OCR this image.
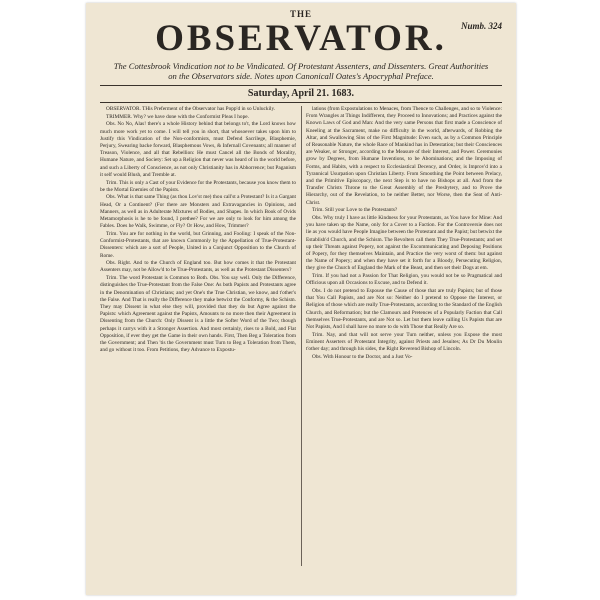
THE
OBSERVATOR.	Numb. 324
The Cottesbrook Vindication not to be Vindicated. Of Protestant Assenters, and Dissenters. Great Authorities on the Observators side. Notes upon Canonicall Oates's Apocryphal Preface.
Saturday, April 21. 1683.

OBSERVATOR. THis Preferment of the Observator has Popp'd in so Unluckily.

TRIMMER. Why? we have done with the Conformist Pleas I hope.

Obs. No No, Alas! there's a whole History behind that belongs to't, the Lord knows how much more work yet to come. I will tell you in short, that whosoever takes upon him to Justify this Vindication of the Non-conformists, must Defend Sacrilege, Blasphemie, Perjury, Swearing backe forward, Blasphemous Vows, & Infernall Covenants; all manner of Treason, Violence, and all that Rebellion: He must Cancel all the Bonds of Morality, Humane Nature, and Society: Set up a Religion that never was heard of in the world before, and such a Liberty of Conscience, as not only Christianity has in Abhorrence; but Paganism it self would Blush, and Tremble at.

Trim. This is only a Cast of your Evidence for the Protestants, because you know them to be the Mortal Enemies of the Papists.

Obs. What is that same Thing (as thou Lov'st me) thou call'st a Protestant? Is it a Gargant Head, Or a Continent? (For there are Monsters and Extravagancies in Opinions, and Manners, as well as in Adulterate Mixtures of Bodies, and Shapes. In which Book of Ovids Metamorphosis is he to be found, I prethee? For we are only to look for him among the Fables. Does he Walk, Swimme, or Fly? Or How, and How, Trimmer?

Trim. You are for nothing in the world, but Grinning, and Fooling: I speak of the Non-Conformist-Protestants, that are known Commonly by the Appellation of True-Protestant-Dissenters: which are a sort of People, United in a Conjunct Opposition to the Church of Rome.

Obs. Right. And to the Church of England too. But how comes it that the Protestant Assenters may, not be Allow'd to be True-Protestants, as well as the Protestant Dissenters?

Trim. The word Protestant is Common to Both. Obs. You say well. Only the Difference, distinguishes the True-Protestant from the False One: As both Papists and Protestants agree in the Denomination of Christians; and yet One's the True Christian, we know, and t'other's the False. And That is really the Difference they make betwixt the Conformy, & the Schism. They may Dissent in what else they will, provided that they do but Agree against the Papists: which Agreement against the Papists, Amounts to no more then their Agreement in Dissenting from the Church: Only Dissent is a little the Softer Word of the Two; though perhaps it carrys with it a Stronger Assertion. And most certainly, rises to a Bold, and Flat Opposition, if ever they get the Game in their own hands. First, Then Beg a Toleration from the Government; and Then 'tis the Government must Turn to Beg a Toleration from Them, and go without it too. From Petitions, they Advance to Expostu-

lations (from Expostulations to Menaces, from Thence to Challenges, and so to Violence: From Wrangles at Things Indifferent, they Proceed to Innovations; and Practices against the Known Laws of God and Man: And the very same Persons that first made a Conscience of Kneeling at the Sacrament, make no difficulty in the world, afterwards, of Robbing the Altar, and Swallowing Sins of the First Magnitude: Even such, as by a Common Principle of Reasonable Nature, the whole Race of Mankind has in Detestation; but their Consciences are Weaker, or Stronger, according to the Measure of their Interest, and Power. Ceremonies grow by Degrees, from Humane Inventions, to be Abominations; and the Imposing of Forms, and Habits, with a respect to Ecclesiastical Decency, and Order, is Improv'd into a Tyrannical Usurpation upon Christian Liberty. From Smoothing the Point between Prelacy, and the Primitive Episcopacy, the next Step is to have no Bishops at all. And from the Transfer Christs Throne to the Great Assembly of the Presbytery, and to Prove the Hierarchy, out of the Revelation, to be neither Better, nor Worse, then the Seat of Anti-Christ.

Trim. Still your Love to the Protestants?

Obs. Why truly I have as little Kindness for your Protestants, as You have for Mine: And you have taken up the Name, only for a Cover to a Faction. For the Controversie does not lie as you would have People Imagine between the Protestant and the Papist; but betwixt the Establish'd Church, and the Schism. The Revolters call them They True-Protestants; and set up their Threats against Popery, not against the Excommunicating and Deposing Positions of Popery, for they themselves Maintain, and Practice the very worst of them: but against the Name of Popery; and when they have set it forth for a Bloody, Persecuting Religion, they give the Church of England the Mark of the Beast, and then set their Dogs at em.

Trim. If you had not a Passion for That Religion, you would not be so Pragmatical and Officious upon all Occasions to Excuse, and to Defend it.

Obs. I do not pretend to Espouse the Cause of those that are truly Papists; but of those that You Call Papists, and are Not so: Neither do I pretend to Oppose the Interest, or Religion of those which are really True-Protestants, according to the Standard of the English Church, and Reformation; but the Clamours and Pretences of a Popularly Faction that Call themselves True-Protestants, and are Not so. Let but them leave calling Us Papists that are Not Papists, And I shall have no more to do with Those that Really Are so.

Trim. Nay, and that will not serve your Turn neither, unless you Expose the most Eminent Asserters of Protestant Integrity, against Priests and Jesuites; As Dr Du Moulin t'other day; and through his sides, the Right Reverend Bishop of Lincoln.

Obs. With Honour to the Doctor, and a Just Vo-
